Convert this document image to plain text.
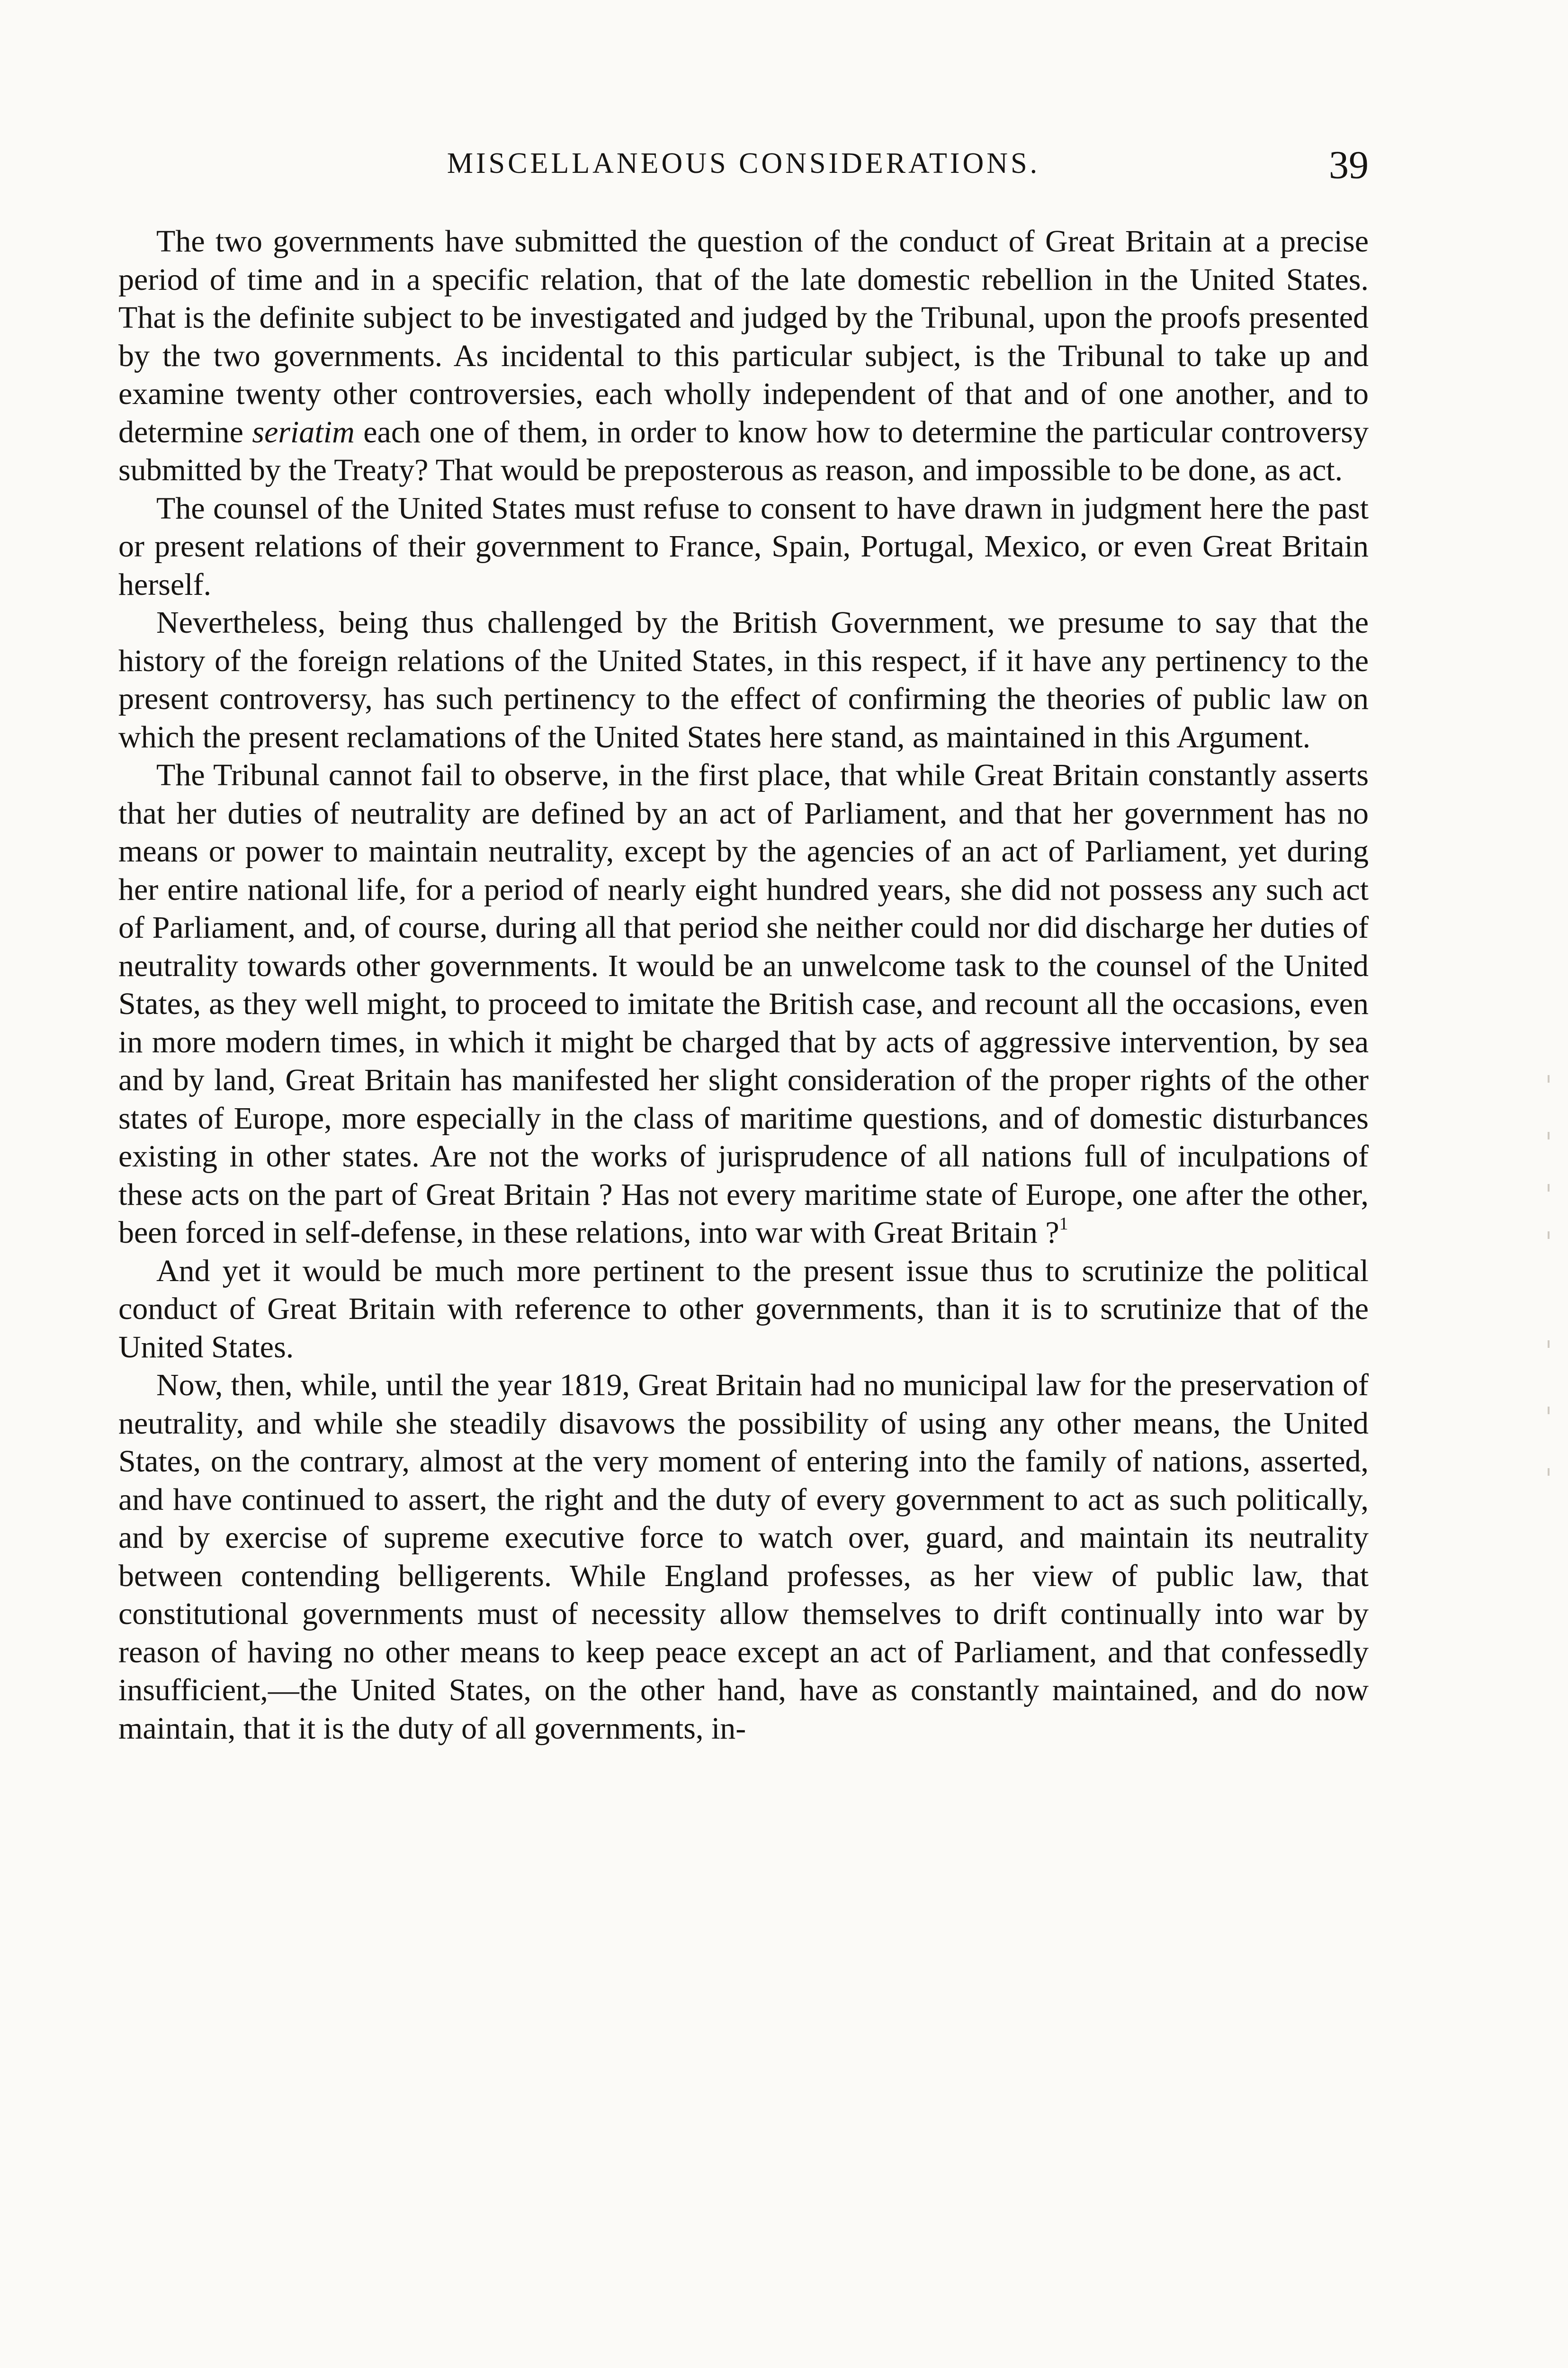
MISCELLANEOUS CONSIDERATIONS.	39

The two governments have submitted the question of the conduct of Great Britain at a precise period of time and in a specific relation, that of the late domestic rebellion in the United States. That is the definite subject to be investigated and judged by the Tribunal, upon the proofs presented by the two governments. As incidental to this particular subject, is the Tribunal to take up and examine twenty other controversies, each wholly independent of that and of one another, and to determine seriatim each one of them, in order to know how to determine the particular controversy submitted by the Treaty? That would be preposterous as reason, and impossible to be done, as act.

The counsel of the United States must refuse to consent to have drawn in judgment here the past or present relations of their government to France, Spain, Portugal, Mexico, or even Great Britain herself.

Nevertheless, being thus challenged by the British Government, we presume to say that the history of the foreign relations of the United States, in this respect, if it have any pertinency to the present controversy, has such pertinency to the effect of confirming the theories of public law on which the present reclamations of the United States here stand, as maintained in this Argument.

The Tribunal cannot fail to observe, in the first place, that while Great Britain constantly asserts that her duties of neutrality are defined by an act of Parliament, and that her government has no means or power to maintain neutrality, except by the agencies of an act of Parliament, yet during her entire national life, for a period of nearly eight hundred years, she did not possess any such act of Parliament, and, of course, during all that period she neither could nor did discharge her duties of neutrality towards other governments. It would be an unwelcome task to the counsel of the United States, as they well might, to proceed to imitate the British case, and recount all the occasions, even in more modern times, in which it might be charged that by acts of aggressive intervention, by sea and by land, Great Britain has manifested her slight consideration of the proper rights of the other states of Europe, more especially in the class of maritime questions, and of domestic disturbances existing in other states. Are not the works of jurisprudence of all nations full of inculpations of these acts on the part of Great Britain ? Has not every maritime state of Europe, one after the other, been forced in self-defense, in these relations, into war with Great Britain ?$^1$

And yet it would be much more pertinent to the present issue thus to scrutinize the political conduct of Great Britain with reference to other governments, than it is to scrutinize that of the United States.

Now, then, while, until the year 1819, Great Britain had no municipal law for the preservation of neutrality, and while she steadily disavows the possibility of using any other means, the United States, on the contrary, almost at the very moment of entering into the family of nations, asserted, and have continued to assert, the right and the duty of every government to act as such politically, and by exercise of supreme executive force to watch over, guard, and maintain its neutrality between contending belligerents. While England professes, as her view of public law, that constitutional governments must of necessity allow themselves to drift continually into war by reason of having no other means to keep peace except an act of Parliament, and that confessedly insufficient,—the United States, on the other hand, have as constantly maintained, and do now maintain, that it is the duty of all governments, in-
